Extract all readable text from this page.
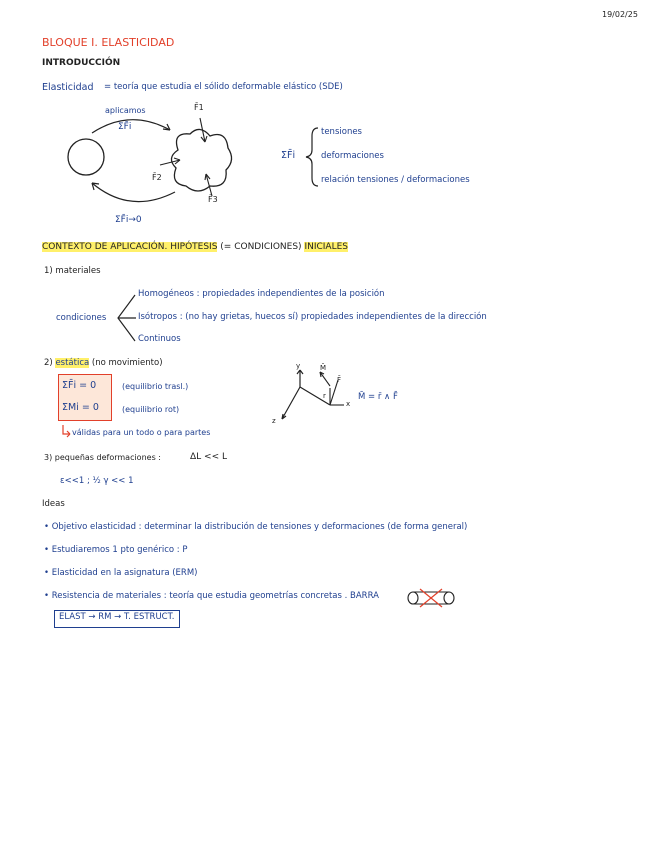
19/02/25
BLOQUE I. ELASTICIDAD
INTRODUCCIÓN
Elasticidad = teoría que estudia el sólido deformable elástico (SDE)
aplicamos
ΣF̄i
F̄1
F̄2
F̄3
ΣF̄i→0
ΣF̄i
tensiones
deformaciones
relación tensiones / deformaciones
CONTEXTO DE APLICACIÓN. HIPÓTESIS (= CONDICIONES) INICIALES
1) materiales
condiciones
Homogéneos : propiedades independientes de la posición
Isótropos : (no hay grietas, huecos sí) propiedades independientes de la dirección
Continuos
2) estática (no movimiento)
ΣF̄i = 0
ΣMi = 0
(equilibrio trasl.)
(equilibrio rot)
válidas para un todo o para partes
y
x
z
M̄
F̄
r	M̄ = r̄ ∧ F̄
3) pequeñas deformaciones :	ΔL << L
ε<<1 ; ½ γ << 1
Ideas
• Objetivo elasticidad : determinar la distribución de tensiones y deformaciones (de forma general)
• Estudiaremos 1 pto genérico : P
• Elasticidad en la asignatura (ERM)
• Resistencia de materiales : teoría que estudia geometrías concretas . BARRA
ELAST → RM → T. ESTRUCT.
